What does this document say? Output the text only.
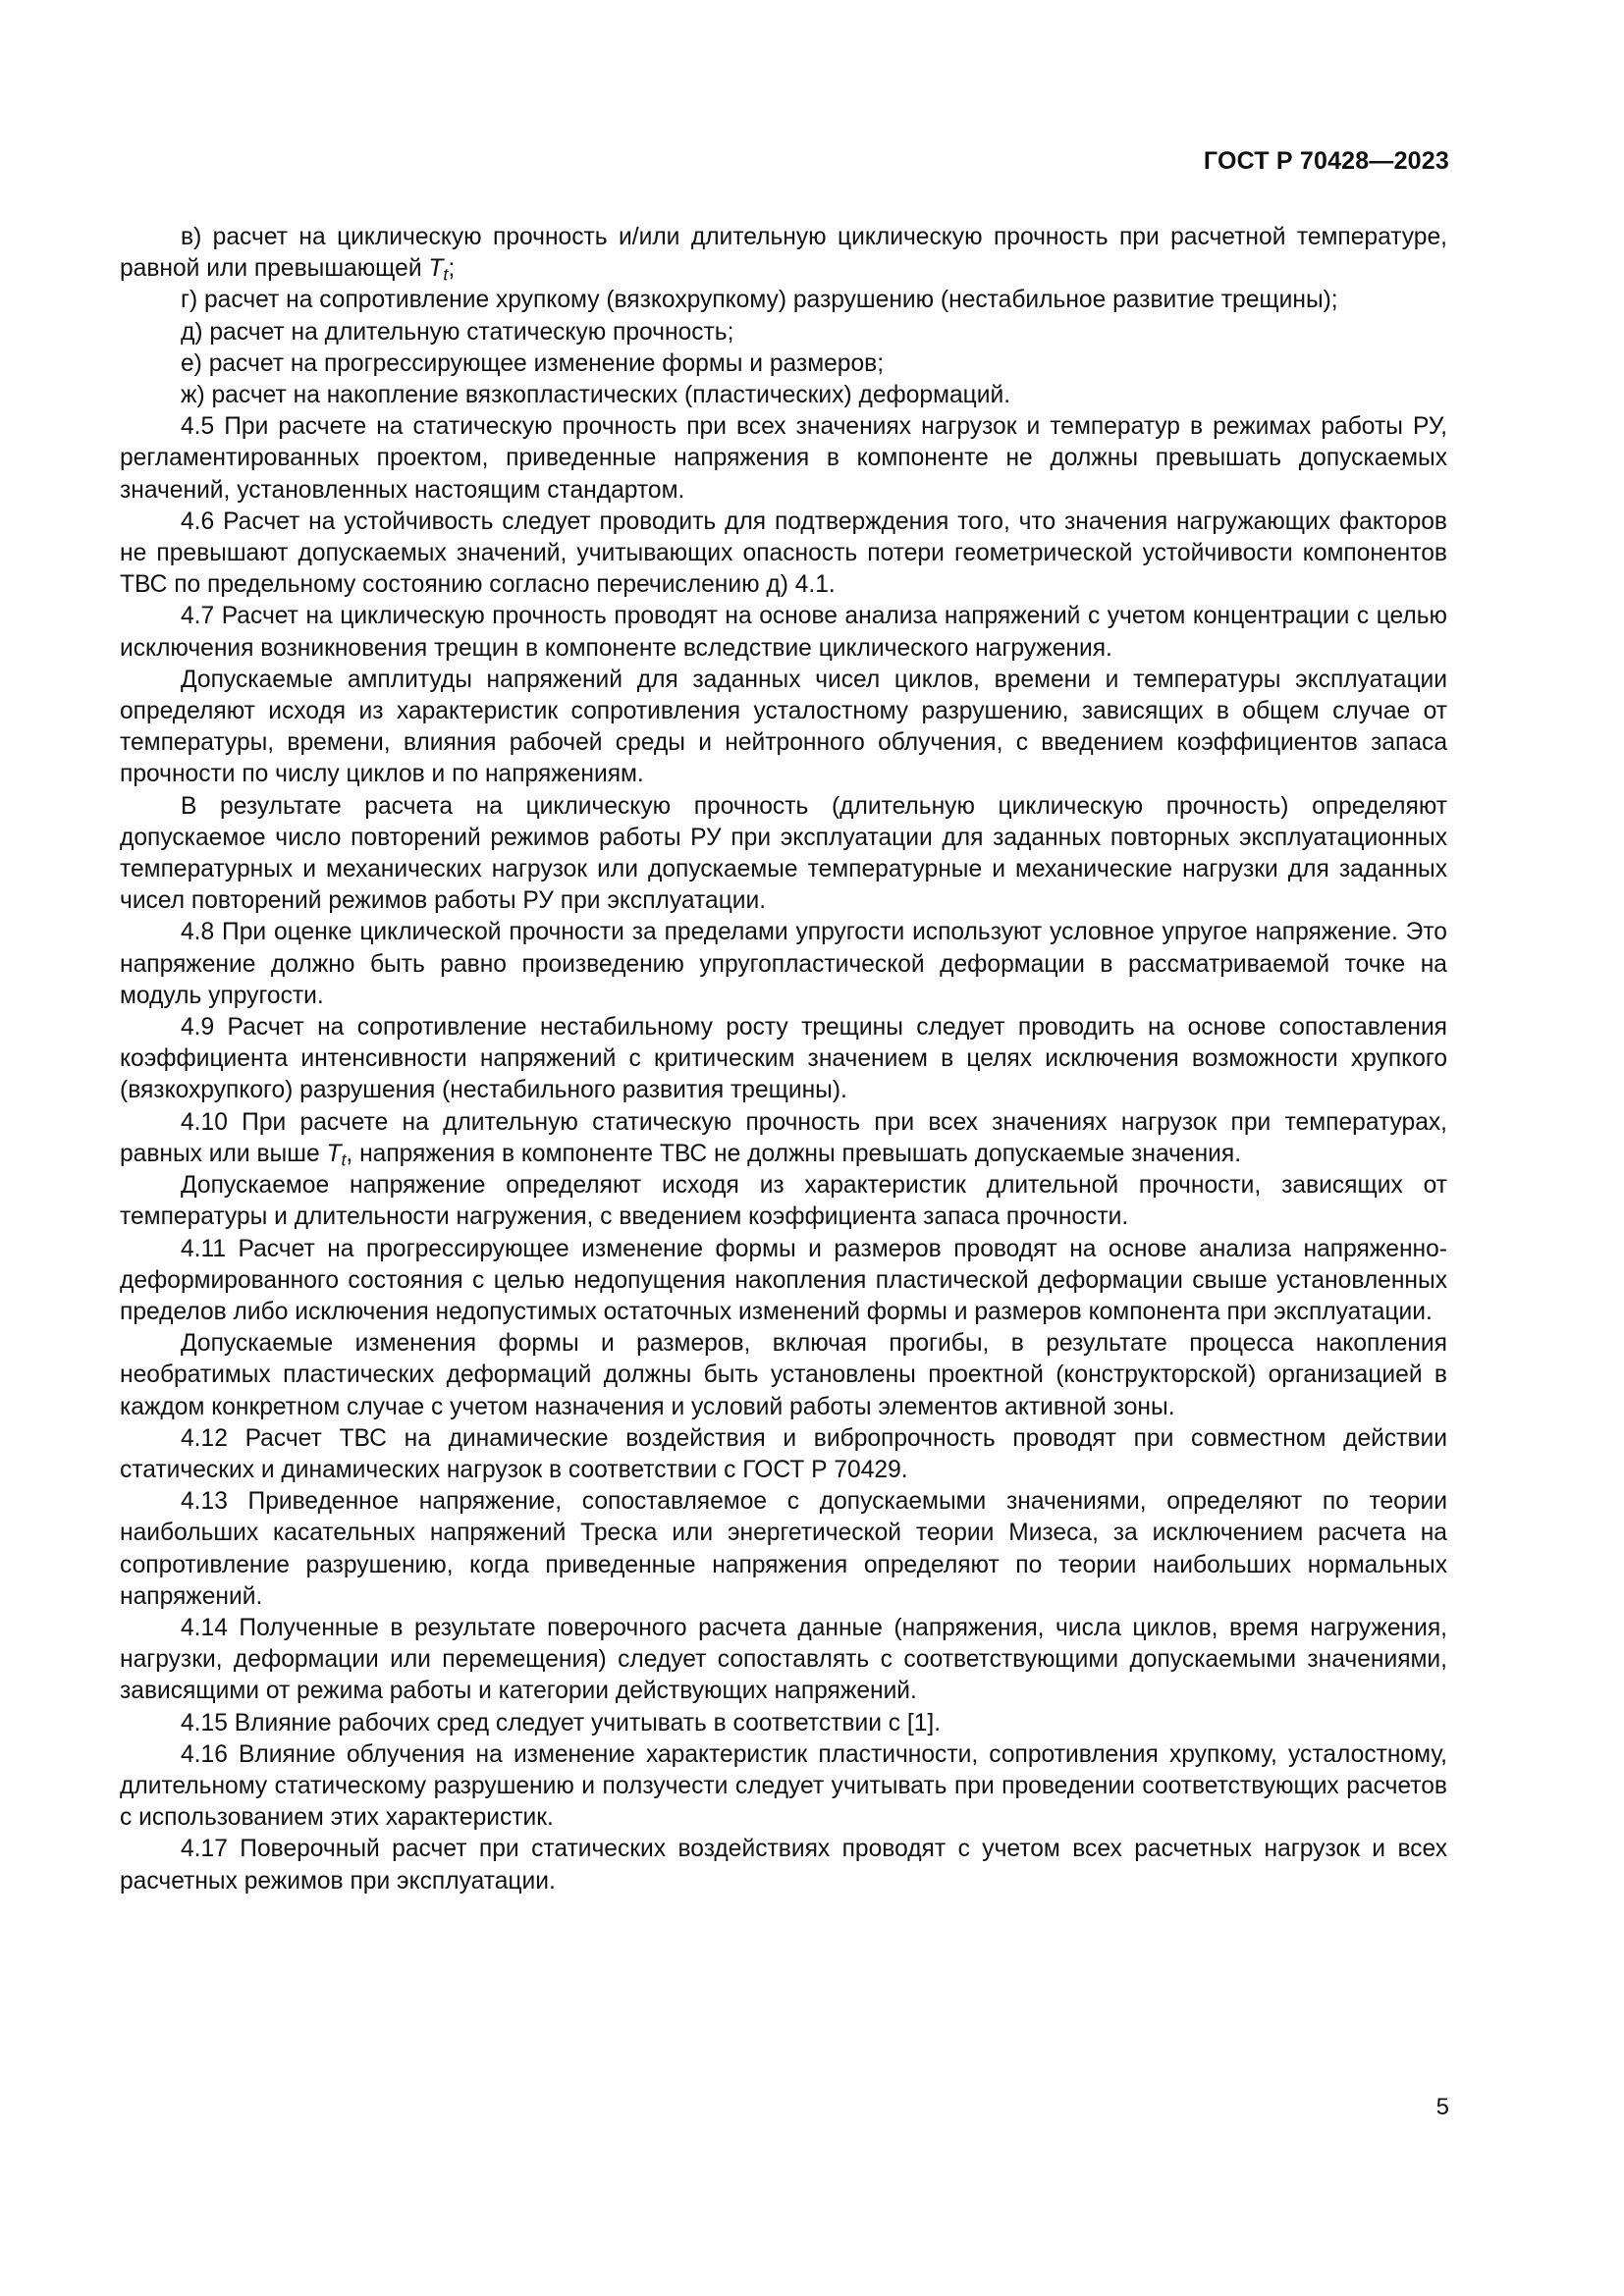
ГОСТ Р 70428—2023

в) расчет на циклическую прочность и/или длительную циклическую прочность при расчетной температуре, равной или превышающей $T_t$;

г) расчет на сопротивление хрупкому (вязкохрупкому) разрушению (нестабильное развитие трещины);

д) расчет на длительную статическую прочность;

е) расчет на прогрессирующее изменение формы и размеров;

ж) расчет на накопление вязкопластических (пластических) деформаций.

4.5 При расчете на статическую прочность при всех значениях нагрузок и температур в режимах работы РУ, регламентированных проектом, приведенные напряжения в компоненте не должны превышать допускаемых значений, установленных настоящим стандартом.

4.6 Расчет на устойчивость следует проводить для подтверждения того, что значения нагружающих факторов не превышают допускаемых значений, учитывающих опасность потери геометрической устойчивости компонентов ТВС по предельному состоянию согласно перечислению д) 4.1.

4.7 Расчет на циклическую прочность проводят на основе анализа напряжений с учетом концентрации с целью исключения возникновения трещин в компоненте вследствие циклического нагружения.

Допускаемые амплитуды напряжений для заданных чисел циклов, времени и температуры эксплуатации определяют исходя из характеристик сопротивления усталостному разрушению, зависящих в общем случае от температуры, времени, влияния рабочей среды и нейтронного облучения, с введением коэффициентов запаса прочности по числу циклов и по напряжениям.

В результате расчета на циклическую прочность (длительную циклическую прочность) определяют допускаемое число повторений режимов работы РУ при эксплуатации для заданных повторных эксплуатационных температурных и механических нагрузок или допускаемые температурные и механические нагрузки для заданных чисел повторений режимов работы РУ при эксплуатации.

4.8 При оценке циклической прочности за пределами упругости используют условное упругое напряжение. Это напряжение должно быть равно произведению упругопластической деформации в рассматриваемой точке на модуль упругости.

4.9 Расчет на сопротивление нестабильному росту трещины следует проводить на основе сопоставления коэффициента интенсивности напряжений с критическим значением в целях исключения возможности хрупкого (вязкохрупкого) разрушения (нестабильного развития трещины).

4.10 При расчете на длительную статическую прочность при всех значениях нагрузок при температурах, равных или выше $T_t$, напряжения в компоненте ТВС не должны превышать допускаемые значения.

Допускаемое напряжение определяют исходя из характеристик длительной прочности, зависящих от температуры и длительности нагружения, с введением коэффициента запаса прочности.

4.11 Расчет на прогрессирующее изменение формы и размеров проводят на основе анализа напряженно-деформированного состояния с целью недопущения накопления пластической деформации свыше установленных пределов либо исключения недопустимых остаточных изменений формы и размеров компонента при эксплуатации.

Допускаемые изменения формы и размеров, включая прогибы, в результате процесса накопления необратимых пластических деформаций должны быть установлены проектной (конструкторской) организацией в каждом конкретном случае с учетом назначения и условий работы элементов активной зоны.

4.12 Расчет ТВС на динамические воздействия и вибропрочность проводят при совместном действии статических и динамических нагрузок в соответствии с ГОСТ Р 70429.

4.13 Приведенное напряжение, сопоставляемое с допускаемыми значениями, определяют по теории наибольших касательных напряжений Треска или энергетической теории Мизеса, за исключением расчета на сопротивление разрушению, когда приведенные напряжения определяют по теории наибольших нормальных напряжений.

4.14 Полученные в результате поверочного расчета данные (напряжения, числа циклов, время нагружения, нагрузки, деформации или перемещения) следует сопоставлять с соответствующими допускаемыми значениями, зависящими от режима работы и категории действующих напряжений.

4.15 Влияние рабочих сред следует учитывать в соответствии с [1].

4.16 Влияние облучения на изменение характеристик пластичности, сопротивления хрупкому, усталостному, длительному статическому разрушению и ползучести следует учитывать при проведении соответствующих расчетов с использованием этих характеристик.

4.17 Поверочный расчет при статических воздействиях проводят с учетом всех расчетных нагрузок и всех расчетных режимов при эксплуатации.

5
